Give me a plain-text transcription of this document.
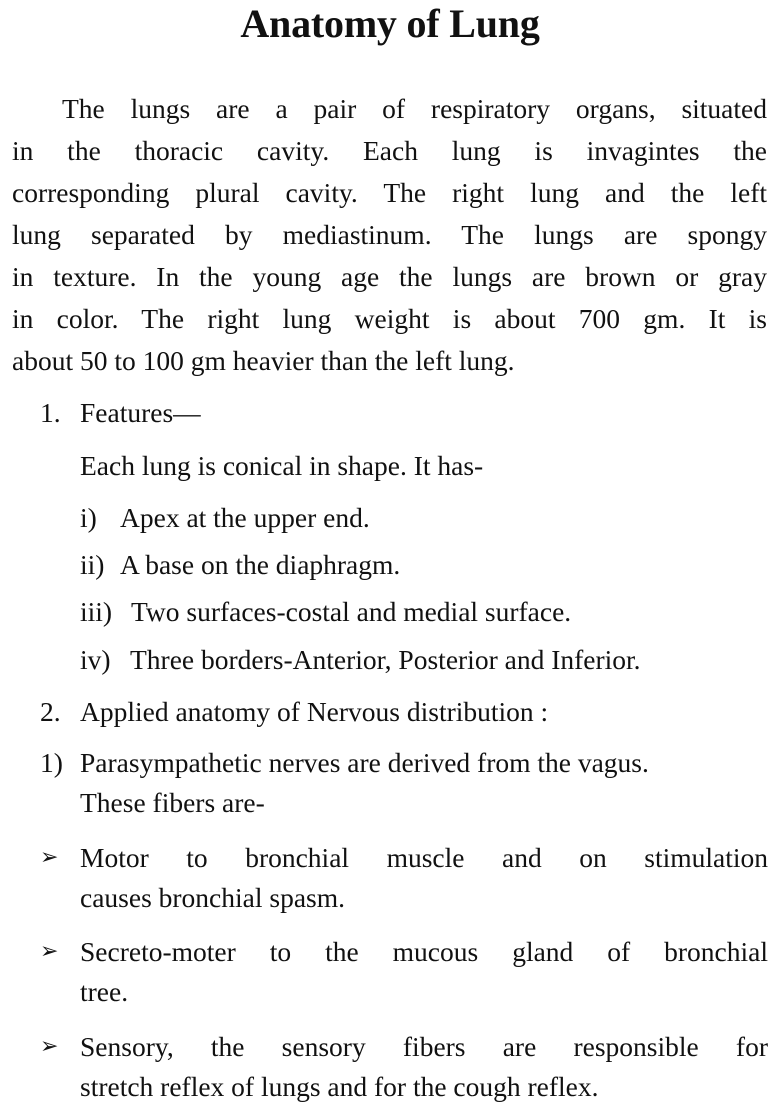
Anatomy of Lung
The lungs are a pair of respiratory organs, situated
in the thoracic cavity. Each lung is invagintes the
corresponding plural cavity. The right lung and the left
lung separated by mediastinum. The lungs are spongy
in texture. In the young age the lungs are brown or gray
in color. The right lung weight is about 700 gm. It is
about 50 to 100 gm heavier than the left lung.
1. Features—
Each lung is conical in shape. It has-
i) Apex at the upper end.
ii) A base on the diaphragm.
iii) Two surfaces-costal and medial surface.
iv) Three borders-Anterior, Posterior and Inferior.
2. Applied anatomy of Nervous distribution :
1) Parasympathetic nerves are derived from the vagus.
These fibers are-
➢ Motor to bronchial muscle and on stimulation
causes bronchial spasm.
➢ Secreto-moter to the mucous gland of bronchial
tree.
➢ Sensory, the sensory fibers are responsible for
stretch reflex of lungs and for the cough reflex.
